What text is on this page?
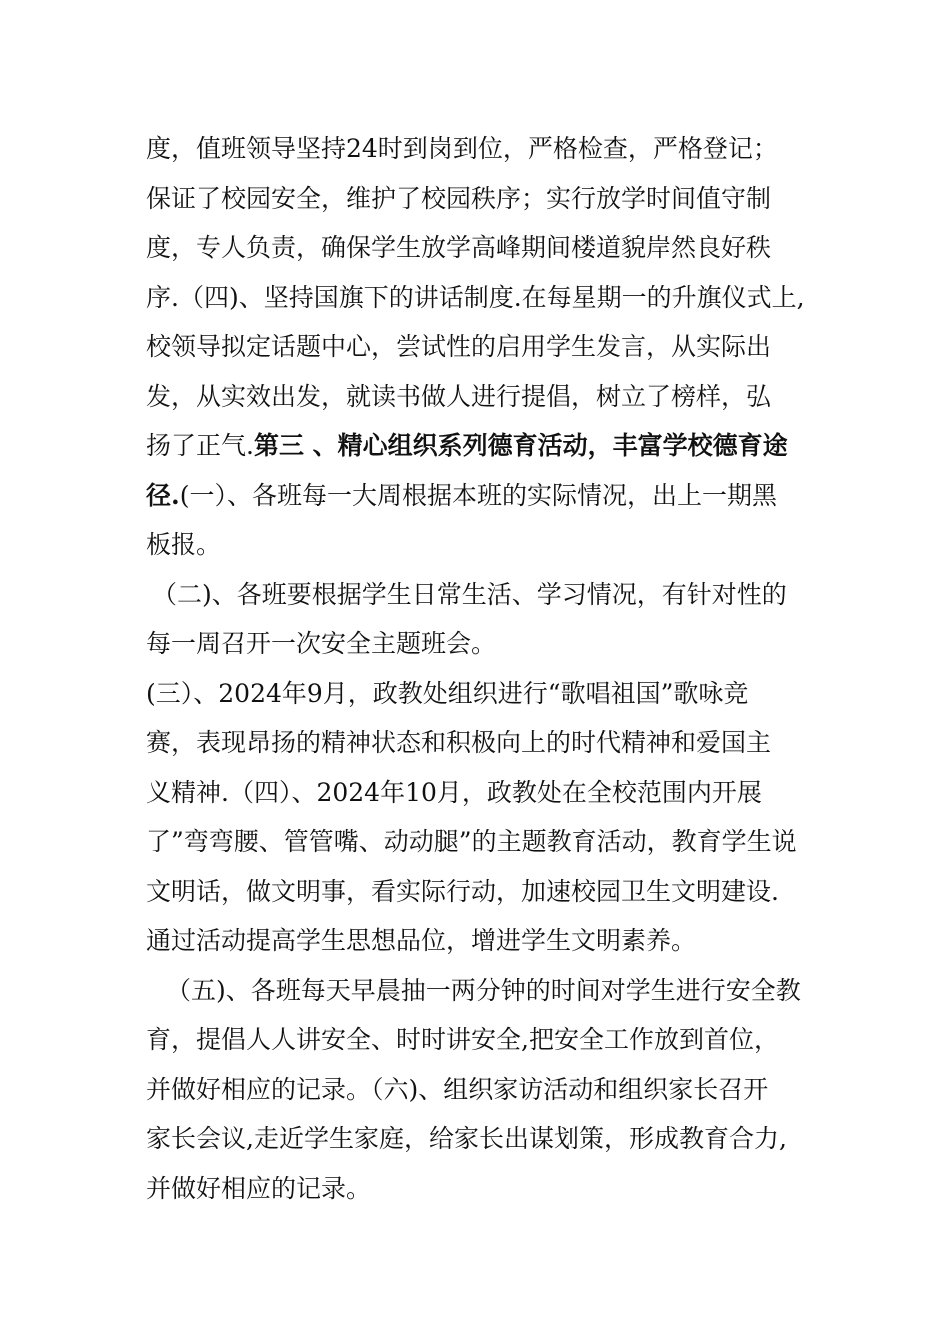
度，值班领导坚持24时到岗到位，严格检查，严格登记；
保证了校园安全，维护了校园秩序；实行放学时间值守制
度，专人负责，确保学生放学高峰期间楼道貌岸然良好秩
序.（四)、坚持国旗下的讲话制度.在每星期一的升旗仪式上,
校领导拟定话题中心，尝试性的启用学生发言，从实际出
发，从实效出发，就读书做人进行提倡，树立了榜样，弘
扬了正气.第三 、精心组织系列德育活动，丰富学校德育途
径.(一）、各班每一大周根据本班的实际情况，出上一期黑
板报。
（二)、各班要根据学生日常生活、学习情况，有针对性的
每一周召开一次安全主题班会。
(三）、2024年9月，政教处组织进行“歌唱祖国”歌咏竞
赛，表现昂扬的精神状态和积极向上的时代精神和爱国主
义精神.（四）、2024年10月，政教处在全校范围内开展
了”弯弯腰、管管嘴、动动腿”的主题教育活动，教育学生说
文明话，做文明事，看实际行动，加速校园卫生文明建设.
通过活动提高学生思想品位，增进学生文明素养。
（五)、各班每天早晨抽一两分钟的时间对学生进行安全教
育，提倡人人讲安全、时时讲安全,把安全工作放到首位，
并做好相应的记录。（六)、组织家访活动和组织家长召开
家长会议,走近学生家庭，给家长出谋划策，形成教育合力,
并做好相应的记录。
